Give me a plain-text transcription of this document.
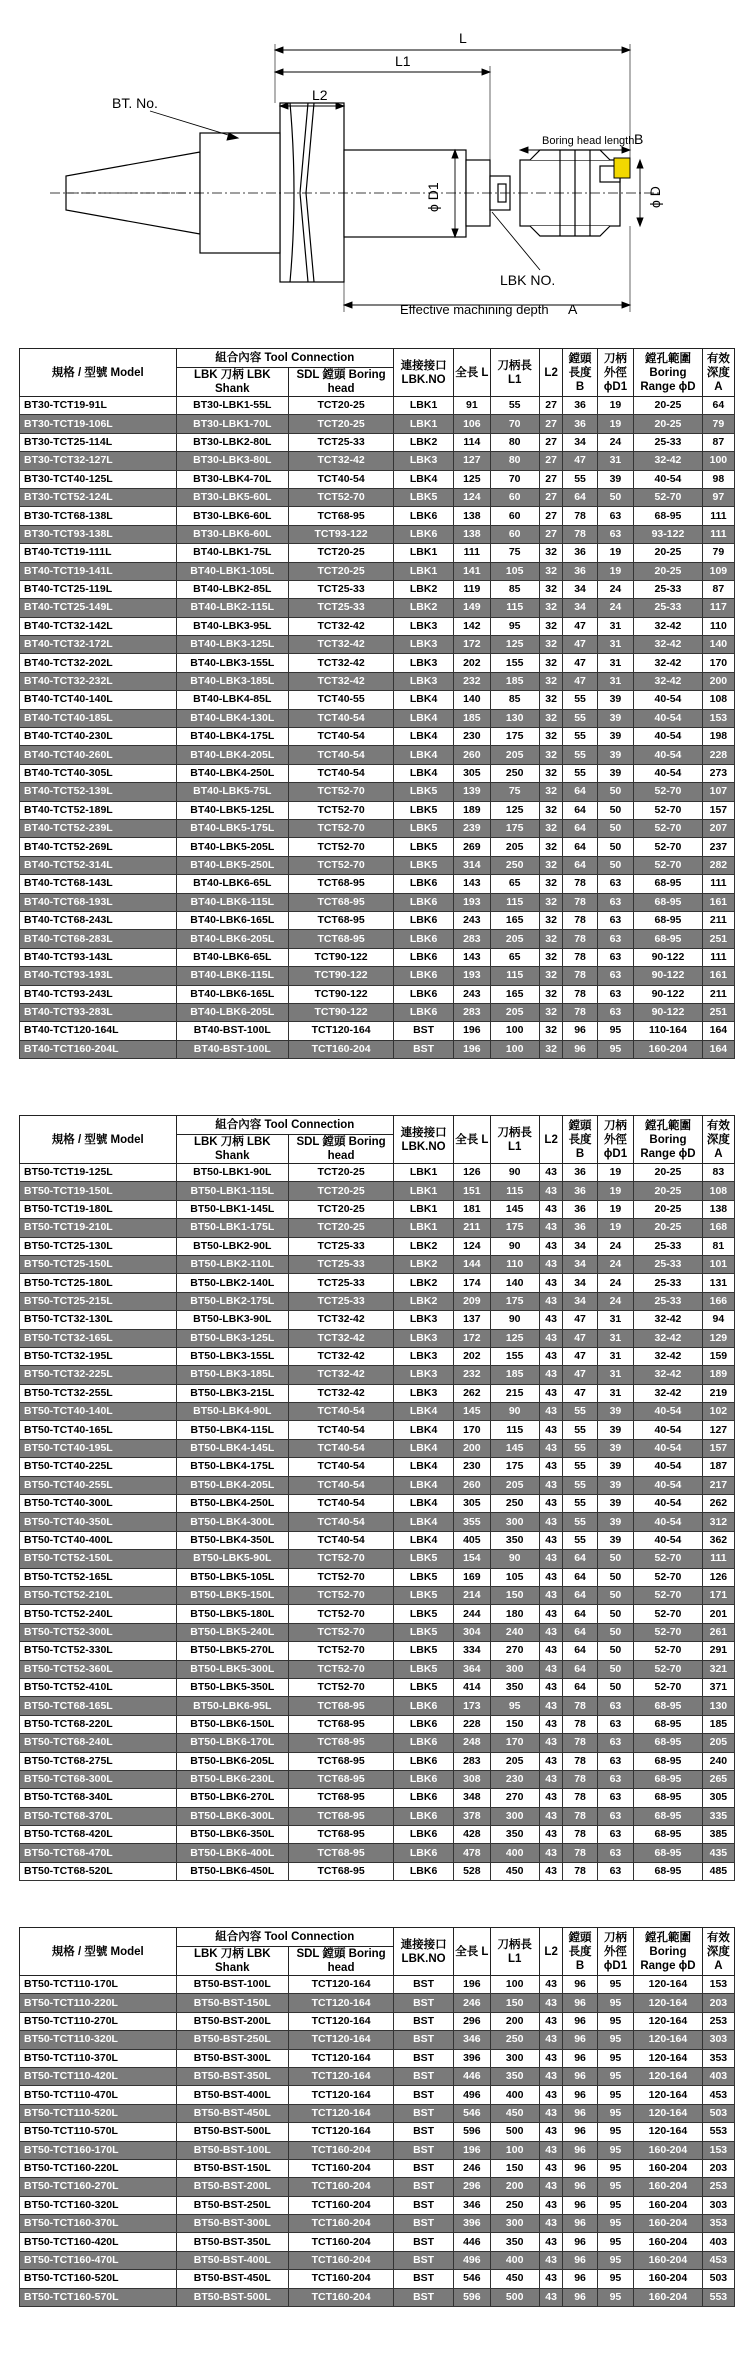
L
L1
L2
BT. No.
Boring head length B
ϕ D1	ϕ D
LBK NO.
Effective machining depth A
規格 / 型號 Model	組合內容 Tool Connection		連接接口 LBK.NO	全長 L	刀柄長 L1	L2	鏜頭 長度 B	刀柄 外徑 ϕD1	鏜孔範圍 Boring Range ϕD	有效 深度 A
	LBK 刀柄 LBK Shank	SDL 鏜頭 Boring head								
BT30-TCT19-91L	BT30-LBK1-55L	TCT20-25	LBK1	91	55	27	36	19	20-25	64
BT30-TCT19-106L	BT30-LBK1-70L	TCT20-25	LBK1	106	70	27	36	19	20-25	79
BT30-TCT25-114L	BT30-LBK2-80L	TCT25-33	LBK2	114	80	27	34	24	25-33	87
BT30-TCT32-127L	BT30-LBK3-80L	TCT32-42	LBK3	127	80	27	47	31	32-42	100
BT30-TCT40-125L	BT30-LBK4-70L	TCT40-54	LBK4	125	70	27	55	39	40-54	98
BT30-TCT52-124L	BT30-LBK5-60L	TCT52-70	LBK5	124	60	27	64	50	52-70	97
BT30-TCT68-138L	BT30-LBK6-60L	TCT68-95	LBK6	138	60	27	78	63	68-95	111
BT30-TCT93-138L	BT30-LBK6-60L	TCT93-122	LBK6	138	60	27	78	63	93-122	111
BT40-TCT19-111L	BT40-LBK1-75L	TCT20-25	LBK1	111	75	32	36	19	20-25	79
BT40-TCT19-141L	BT40-LBK1-105L	TCT20-25	LBK1	141	105	32	36	19	20-25	109
BT40-TCT25-119L	BT40-LBK2-85L	TCT25-33	LBK2	119	85	32	34	24	25-33	87
BT40-TCT25-149L	BT40-LBK2-115L	TCT25-33	LBK2	149	115	32	34	24	25-33	117
BT40-TCT32-142L	BT40-LBK3-95L	TCT32-42	LBK3	142	95	32	47	31	32-42	110
BT40-TCT32-172L	BT40-LBK3-125L	TCT32-42	LBK3	172	125	32	47	31	32-42	140
BT40-TCT32-202L	BT40-LBK3-155L	TCT32-42	LBK3	202	155	32	47	31	32-42	170
BT40-TCT32-232L	BT40-LBK3-185L	TCT32-42	LBK3	232	185	32	47	31	32-42	200
BT40-TCT40-140L	BT40-LBK4-85L	TCT40-55	LBK4	140	85	32	55	39	40-54	108
BT40-TCT40-185L	BT40-LBK4-130L	TCT40-54	LBK4	185	130	32	55	39	40-54	153
BT40-TCT40-230L	BT40-LBK4-175L	TCT40-54	LBK4	230	175	32	55	39	40-54	198
BT40-TCT40-260L	BT40-LBK4-205L	TCT40-54	LBK4	260	205	32	55	39	40-54	228
BT40-TCT40-305L	BT40-LBK4-250L	TCT40-54	LBK4	305	250	32	55	39	40-54	273
BT40-TCT52-139L	BT40-LBK5-75L	TCT52-70	LBK5	139	75	32	64	50	52-70	107
BT40-TCT52-189L	BT40-LBK5-125L	TCT52-70	LBK5	189	125	32	64	50	52-70	157
BT40-TCT52-239L	BT40-LBK5-175L	TCT52-70	LBK5	239	175	32	64	50	52-70	207
BT40-TCT52-269L	BT40-LBK5-205L	TCT52-70	LBK5	269	205	32	64	50	52-70	237
BT40-TCT52-314L	BT40-LBK5-250L	TCT52-70	LBK5	314	250	32	64	50	52-70	282
BT40-TCT68-143L	BT40-LBK6-65L	TCT68-95	LBK6	143	65	32	78	63	68-95	111
BT40-TCT68-193L	BT40-LBK6-115L	TCT68-95	LBK6	193	115	32	78	63	68-95	161
BT40-TCT68-243L	BT40-LBK6-165L	TCT68-95	LBK6	243	165	32	78	63	68-95	211
BT40-TCT68-283L	BT40-LBK6-205L	TCT68-95	LBK6	283	205	32	78	63	68-95	251
BT40-TCT93-143L	BT40-LBK6-65L	TCT90-122	LBK6	143	65	32	78	63	90-122	111
BT40-TCT93-193L	BT40-LBK6-115L	TCT90-122	LBK6	193	115	32	78	63	90-122	161
BT40-TCT93-243L	BT40-LBK6-165L	TCT90-122	LBK6	243	165	32	78	63	90-122	211
BT40-TCT93-283L	BT40-LBK6-205L	TCT90-122	LBK6	283	205	32	78	63	90-122	251
BT40-TCT120-164L	BT40-BST-100L	TCT120-164	BST	196	100	32	96	95	110-164	164
BT40-TCT160-204L	BT40-BST-100L	TCT160-204	BST	196	100	32	96	95	160-204	164
規格 / 型號 Model	組合內容 Tool Connection		連接接口 LBK.NO	全長 L	刀柄長 L1	L2	鏜頭 長度 B	刀柄 外徑 ϕD1	鏜孔範圍 Boring Range ϕD	有效 深度 A
	LBK 刀柄 LBK Shank	SDL 鏜頭 Boring head								
BT50-TCT19-125L	BT50-LBK1-90L	TCT20-25	LBK1	126	90	43	36	19	20-25	83
BT50-TCT19-150L	BT50-LBK1-115L	TCT20-25	LBK1	151	115	43	36	19	20-25	108
BT50-TCT19-180L	BT50-LBK1-145L	TCT20-25	LBK1	181	145	43	36	19	20-25	138
BT50-TCT19-210L	BT50-LBK1-175L	TCT20-25	LBK1	211	175	43	36	19	20-25	168
BT50-TCT25-130L	BT50-LBK2-90L	TCT25-33	LBK2	124	90	43	34	24	25-33	81
BT50-TCT25-150L	BT50-LBK2-110L	TCT25-33	LBK2	144	110	43	34	24	25-33	101
BT50-TCT25-180L	BT50-LBK2-140L	TCT25-33	LBK2	174	140	43	34	24	25-33	131
BT50-TCT25-215L	BT50-LBK2-175L	TCT25-33	LBK2	209	175	43	34	24	25-33	166
BT50-TCT32-130L	BT50-LBK3-90L	TCT32-42	LBK3	137	90	43	47	31	32-42	94
BT50-TCT32-165L	BT50-LBK3-125L	TCT32-42	LBK3	172	125	43	47	31	32-42	129
BT50-TCT32-195L	BT50-LBK3-155L	TCT32-42	LBK3	202	155	43	47	31	32-42	159
BT50-TCT32-225L	BT50-LBK3-185L	TCT32-42	LBK3	232	185	43	47	31	32-42	189
BT50-TCT32-255L	BT50-LBK3-215L	TCT32-42	LBK3	262	215	43	47	31	32-42	219
BT50-TCT40-140L	BT50-LBK4-90L	TCT40-54	LBK4	145	90	43	55	39	40-54	102
BT50-TCT40-165L	BT50-LBK4-115L	TCT40-54	LBK4	170	115	43	55	39	40-54	127
BT50-TCT40-195L	BT50-LBK4-145L	TCT40-54	LBK4	200	145	43	55	39	40-54	157
BT50-TCT40-225L	BT50-LBK4-175L	TCT40-54	LBK4	230	175	43	55	39	40-54	187
BT50-TCT40-255L	BT50-LBK4-205L	TCT40-54	LBK4	260	205	43	55	39	40-54	217
BT50-TCT40-300L	BT50-LBK4-250L	TCT40-54	LBK4	305	250	43	55	39	40-54	262
BT50-TCT40-350L	BT50-LBK4-300L	TCT40-54	LBK4	355	300	43	55	39	40-54	312
BT50-TCT40-400L	BT50-LBK4-350L	TCT40-54	LBK4	405	350	43	55	39	40-54	362
BT50-TCT52-150L	BT50-LBK5-90L	TCT52-70	LBK5	154	90	43	64	50	52-70	111
BT50-TCT52-165L	BT50-LBK5-105L	TCT52-70	LBK5	169	105	43	64	50	52-70	126
BT50-TCT52-210L	BT50-LBK5-150L	TCT52-70	LBK5	214	150	43	64	50	52-70	171
BT50-TCT52-240L	BT50-LBK5-180L	TCT52-70	LBK5	244	180	43	64	50	52-70	201
BT50-TCT52-300L	BT50-LBK5-240L	TCT52-70	LBK5	304	240	43	64	50	52-70	261
BT50-TCT52-330L	BT50-LBK5-270L	TCT52-70	LBK5	334	270	43	64	50	52-70	291
BT50-TCT52-360L	BT50-LBK5-300L	TCT52-70	LBK5	364	300	43	64	50	52-70	321
BT50-TCT52-410L	BT50-LBK5-350L	TCT52-70	LBK5	414	350	43	64	50	52-70	371
BT50-TCT68-165L	BT50-LBK6-95L	TCT68-95	LBK6	173	95	43	78	63	68-95	130
BT50-TCT68-220L	BT50-LBK6-150L	TCT68-95	LBK6	228	150	43	78	63	68-95	185
BT50-TCT68-240L	BT50-LBK6-170L	TCT68-95	LBK6	248	170	43	78	63	68-95	205
BT50-TCT68-275L	BT50-LBK6-205L	TCT68-95	LBK6	283	205	43	78	63	68-95	240
BT50-TCT68-300L	BT50-LBK6-230L	TCT68-95	LBK6	308	230	43	78	63	68-95	265
BT50-TCT68-340L	BT50-LBK6-270L	TCT68-95	LBK6	348	270	43	78	63	68-95	305
BT50-TCT68-370L	BT50-LBK6-300L	TCT68-95	LBK6	378	300	43	78	63	68-95	335
BT50-TCT68-420L	BT50-LBK6-350L	TCT68-95	LBK6	428	350	43	78	63	68-95	385
BT50-TCT68-470L	BT50-LBK6-400L	TCT68-95	LBK6	478	400	43	78	63	68-95	435
BT50-TCT68-520L	BT50-LBK6-450L	TCT68-95	LBK6	528	450	43	78	63	68-95	485
規格 / 型號 Model	組合內容 Tool Connection		連接接口 LBK.NO	全長 L	刀柄長 L1	L2	鏜頭 長度 B	刀柄 外徑 ϕD1	鏜孔範圍 Boring Range ϕD	有效 深度 A
	LBK 刀柄 LBK Shank	SDL 鏜頭 Boring head								
BT50-TCT110-170L	BT50-BST-100L	TCT120-164	BST	196	100	43	96	95	120-164	153
BT50-TCT110-220L	BT50-BST-150L	TCT120-164	BST	246	150	43	96	95	120-164	203
BT50-TCT110-270L	BT50-BST-200L	TCT120-164	BST	296	200	43	96	95	120-164	253
BT50-TCT110-320L	BT50-BST-250L	TCT120-164	BST	346	250	43	96	95	120-164	303
BT50-TCT110-370L	BT50-BST-300L	TCT120-164	BST	396	300	43	96	95	120-164	353
BT50-TCT110-420L	BT50-BST-350L	TCT120-164	BST	446	350	43	96	95	120-164	403
BT50-TCT110-470L	BT50-BST-400L	TCT120-164	BST	496	400	43	96	95	120-164	453
BT50-TCT110-520L	BT50-BST-450L	TCT120-164	BST	546	450	43	96	95	120-164	503
BT50-TCT110-570L	BT50-BST-500L	TCT120-164	BST	596	500	43	96	95	120-164	553
BT50-TCT160-170L	BT50-BST-100L	TCT160-204	BST	196	100	43	96	95	160-204	153
BT50-TCT160-220L	BT50-BST-150L	TCT160-204	BST	246	150	43	96	95	160-204	203
BT50-TCT160-270L	BT50-BST-200L	TCT160-204	BST	296	200	43	96	95	160-204	253
BT50-TCT160-320L	BT50-BST-250L	TCT160-204	BST	346	250	43	96	95	160-204	303
BT50-TCT160-370L	BT50-BST-300L	TCT160-204	BST	396	300	43	96	95	160-204	353
BT50-TCT160-420L	BT50-BST-350L	TCT160-204	BST	446	350	43	96	95	160-204	403
BT50-TCT160-470L	BT50-BST-400L	TCT160-204	BST	496	400	43	96	95	160-204	453
BT50-TCT160-520L	BT50-BST-450L	TCT160-204	BST	546	450	43	96	95	160-204	503
BT50-TCT160-570L	BT50-BST-500L	TCT160-204	BST	596	500	43	96	95	160-204	553
